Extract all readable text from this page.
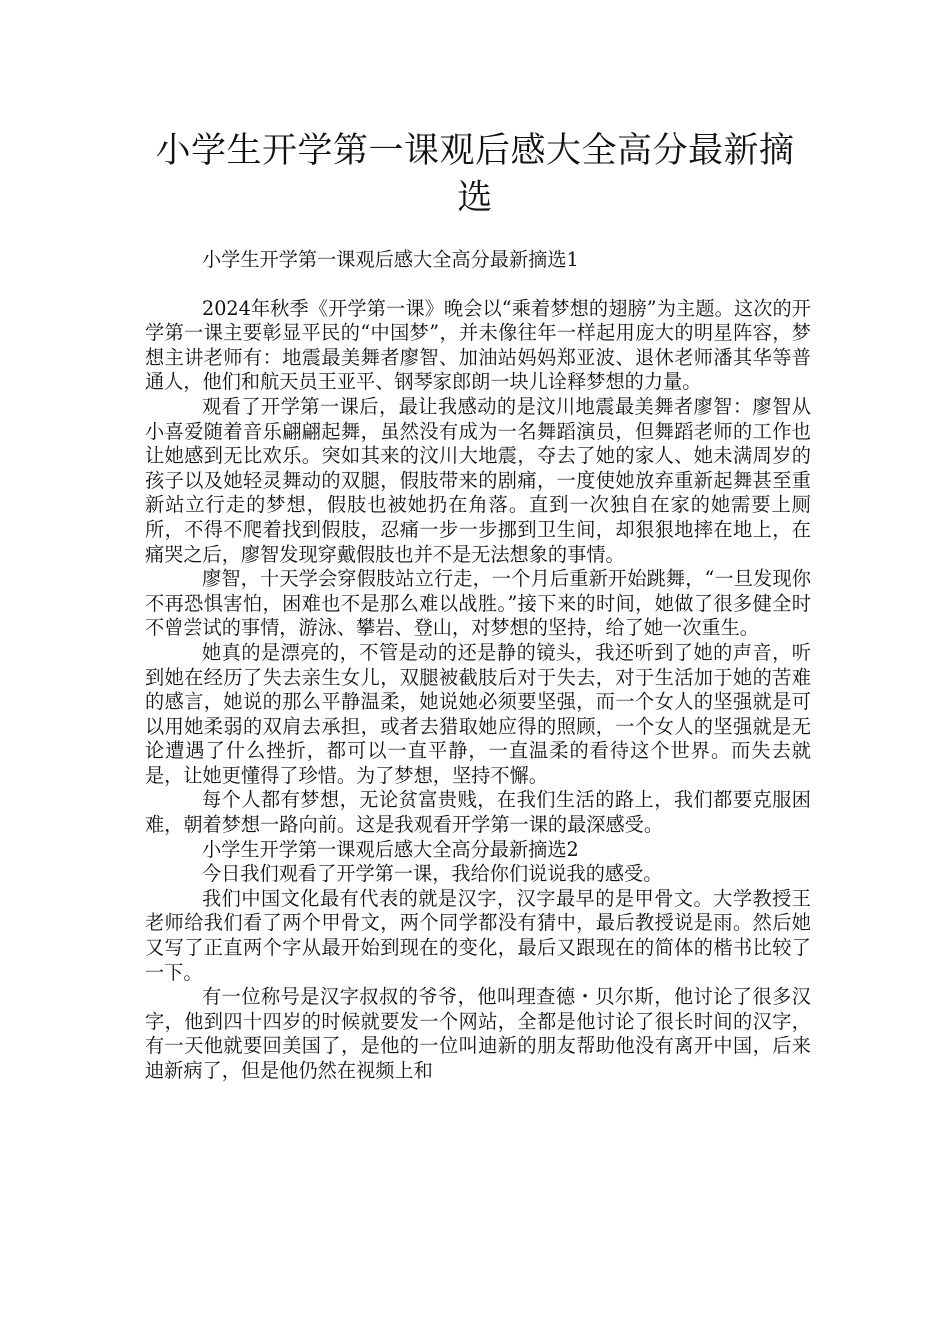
小学生开学第一课观后感大全高分最新摘选

小学生开学第一课观后感大全高分最新摘选1

2024年秋季《开学第一课》晚会以“乘着梦想的翅膀”为主题。这次的开学第一课主要彰显平民的“中国梦”，并未像往年一样起用庞大的明星阵容，梦想主讲老师有：地震最美舞者廖智、加油站妈妈郑亚波、退休老师潘其华等普通人，他们和航天员王亚平、钢琴家郎朗一块儿诠释梦想的力量。

观看了开学第一课后，最让我感动的是汶川地震最美舞者廖智：廖智从小喜爱随着音乐翩翩起舞，虽然没有成为一名舞蹈演员，但舞蹈老师的工作也让她感到无比欢乐。突如其来的汶川大地震，夺去了她的家人、她未满周岁的孩子以及她轻灵舞动的双腿，假肢带来的剧痛，一度使她放弃重新起舞甚至重新站立行走的梦想，假肢也被她扔在角落。直到一次独自在家的她需要上厕所，不得不爬着找到假肢，忍痛一步一步挪到卫生间，却狠狠地摔在地上，在痛哭之后，廖智发现穿戴假肢也并不是无法想象的事情。

廖智，十天学会穿假肢站立行走，一个月后重新开始跳舞，“一旦发现你不再恐惧害怕，困难也不是那么难以战胜。”接下来的时间，她做了很多健全时不曾尝试的事情，游泳、攀岩、登山，对梦想的坚持，给了她一次重生。

她真的是漂亮的，不管是动的还是静的镜头，我还听到了她的声音，听到她在经历了失去亲生女儿，双腿被截肢后对于失去，对于生活加于她的苦难的感言，她说的那么平静温柔，她说她必须要坚强，而一个女人的坚强就是可以用她柔弱的双肩去承担，或者去猎取她应得的照顾，一个女人的坚强就是无论遭遇了什么挫折，都可以一直平静，一直温柔的看待这个世界。而失去就是，让她更懂得了珍惜。为了梦想，坚持不懈。

每个人都有梦想，无论贫富贵贱，在我们生活的路上，我们都要克服困难，朝着梦想一路向前。这是我观看开学第一课的最深感受。

小学生开学第一课观后感大全高分最新摘选2

今日我们观看了开学第一课，我给你们说说我的感受。

我们中国文化最有代表的就是汉字，汉字最早的是甲骨文。大学教授王老师给我们看了两个甲骨文，两个同学都没有猜中，最后教授说是雨。然后她又写了正直两个字从最开始到现在的变化，最后又跟现在的简体的楷书比较了一下。

有一位称号是汉字叔叔的爷爷，他叫理查德・贝尔斯，他讨论了很多汉字，他到四十四岁的时候就要发一个网站，全都是他讨论了很长时间的汉字，有一天他就要回美国了，是他的一位叫迪新的朋友帮助他没有离开中国，后来迪新病了，但是他仍然在视频上和
